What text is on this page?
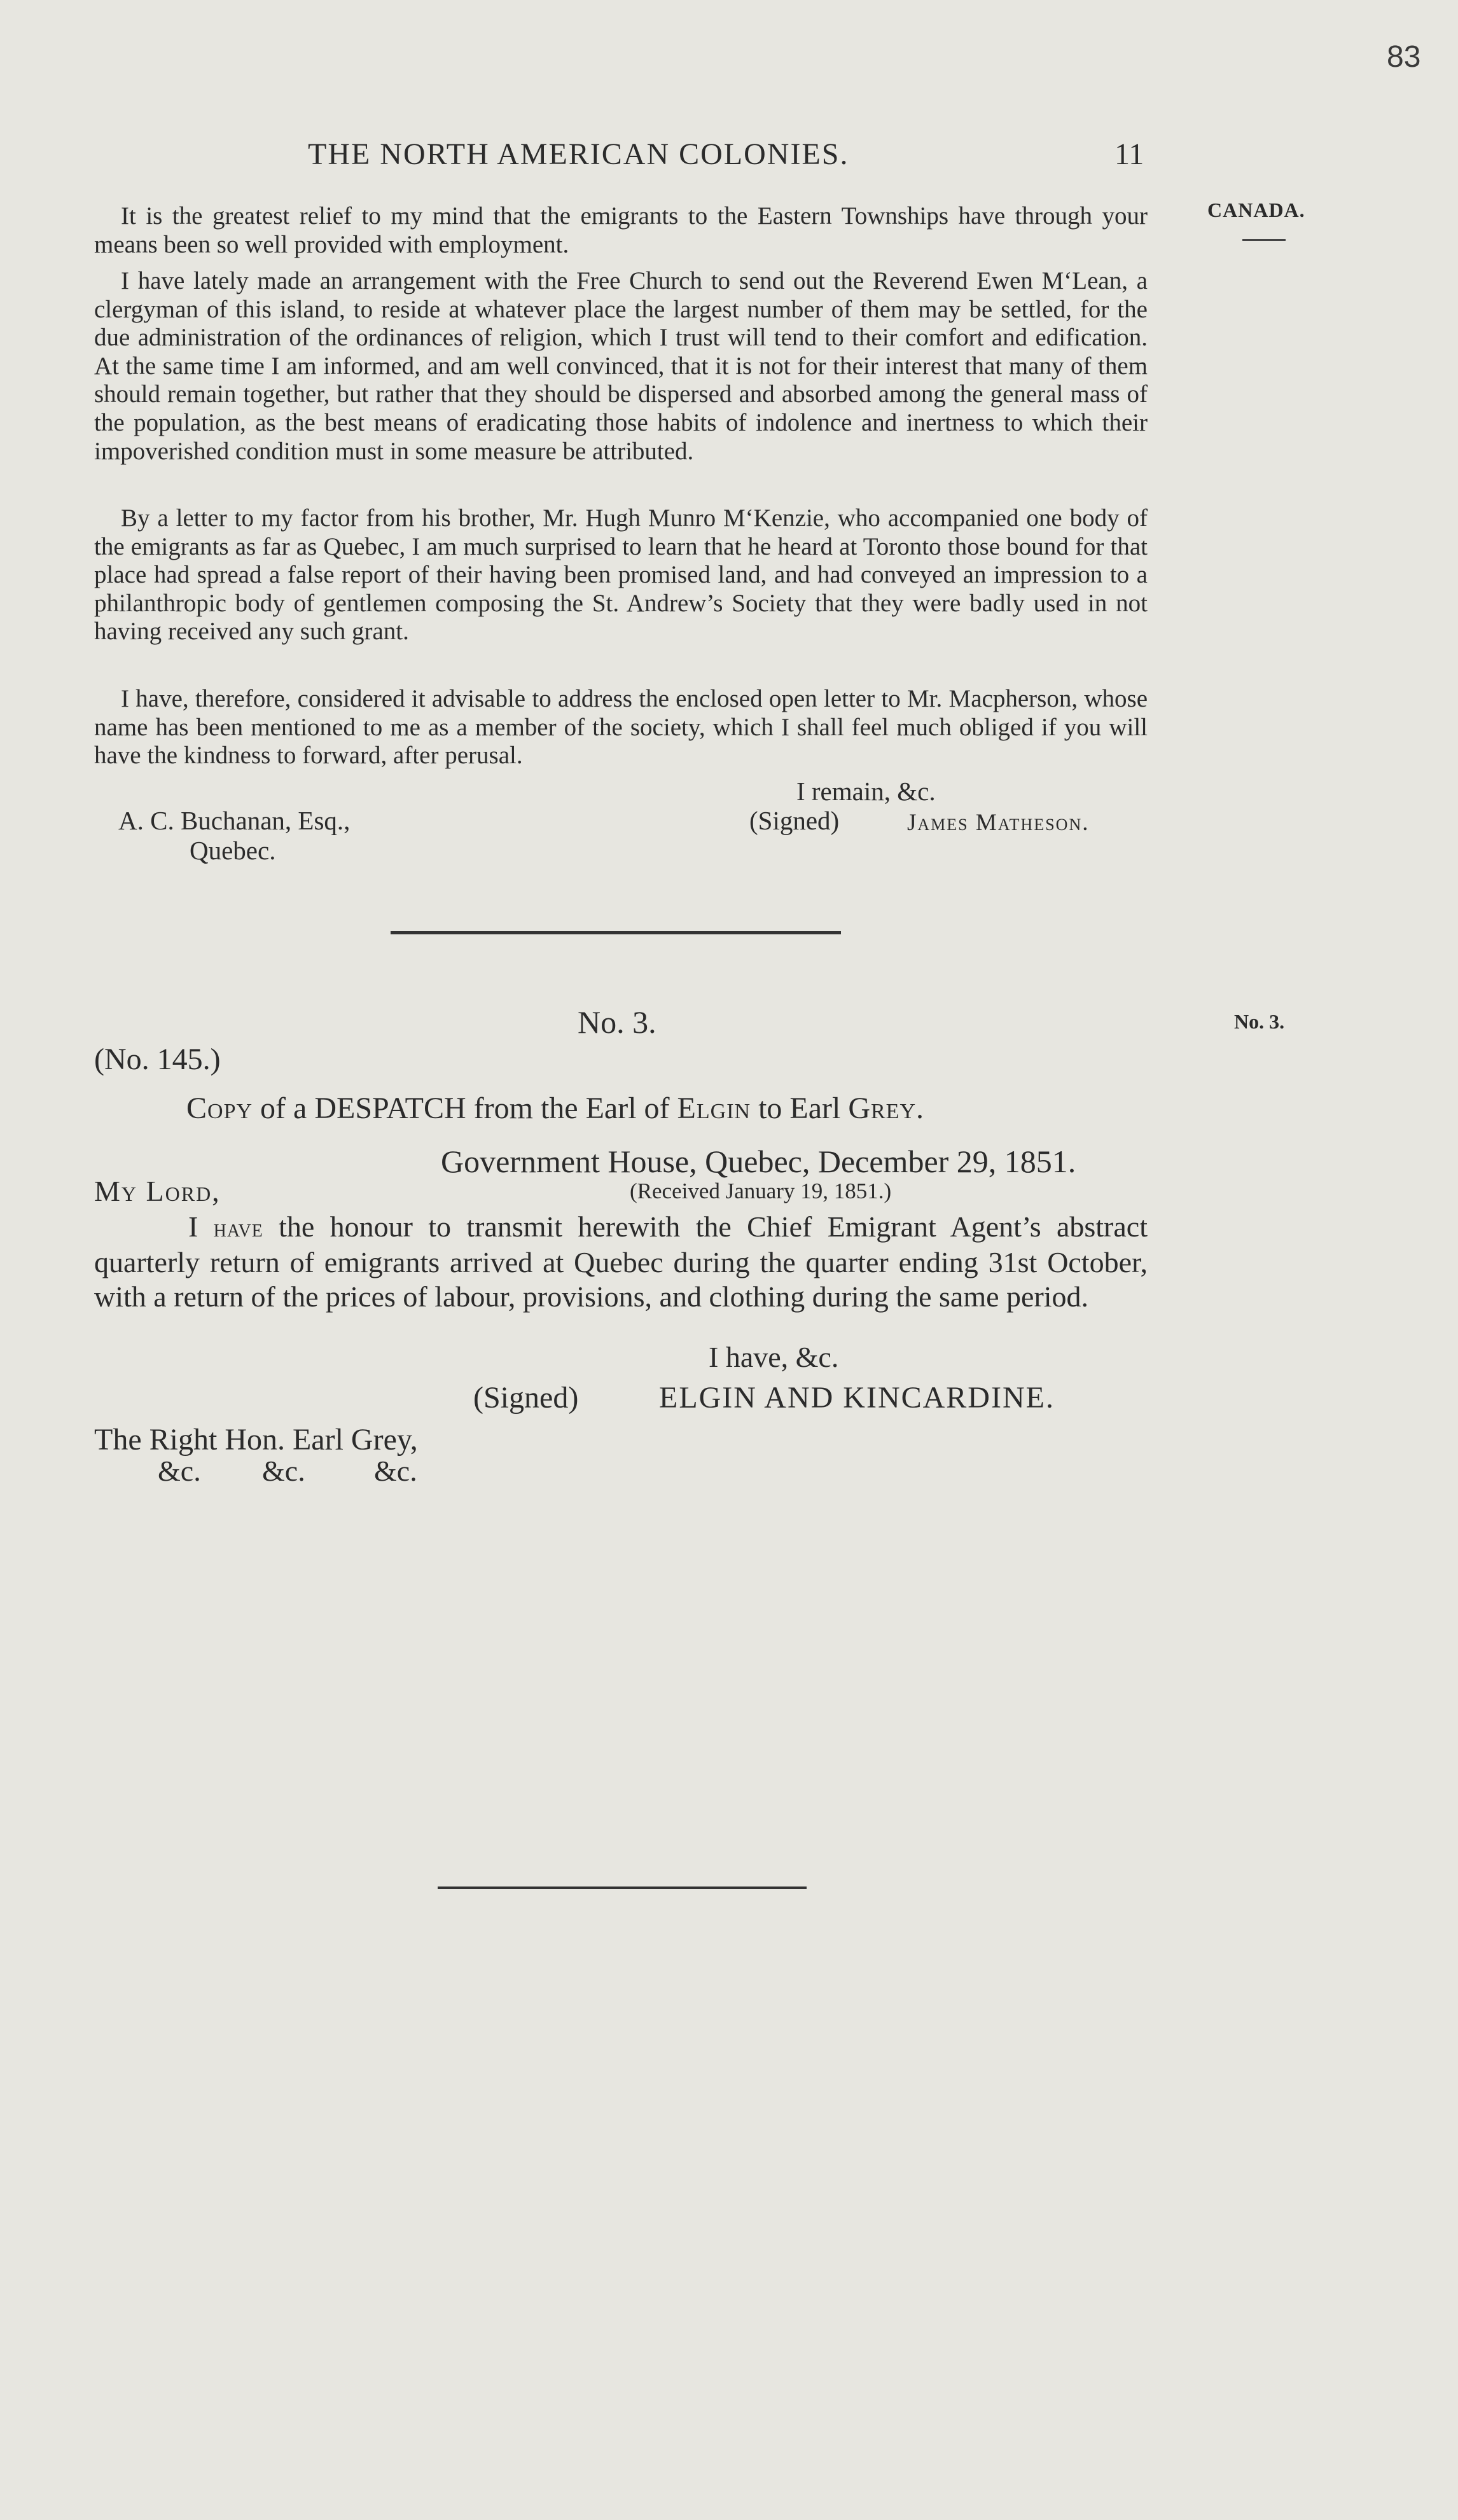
83
THE NORTH AMERICAN COLONIES.	11
CANADA.
No. 3.

It is the greatest relief to my mind that the emigrants to the Eastern Townships have through your means been so well provided with employment.

I have lately made an arrangement with the Free Church to send out the Reverend Ewen M‘Lean, a clergyman of this island, to reside at whatever place the largest number of them may be settled, for the due administration of the ordinances of religion, which I trust will tend to their comfort and edification. At the same time I am informed, and am well convinced, that it is not for their interest that many of them should remain together, but rather that they should be dispersed and absorbed among the general mass of the population, as the best means of eradicating those habits of indolence and inertness to which their impoverished condition must in some measure be attributed.

By a letter to my factor from his brother, Mr. Hugh Munro M‘Kenzie, who accompanied one body of the emigrants as far as Quebec, I am much surprised to learn that he heard at Toronto those bound for that place had spread a false report of their having been promised land, and had conveyed an impression to a philanthropic body of gentlemen composing the St. Andrew’s Society that they were badly used in not having received any such grant.

I have, therefore, considered it advisable to address the enclosed open letter to Mr. Macpherson, whose name has been mentioned to me as a member of the society, which I shall feel much obliged if you will have the kindness to forward, after perusal.

I remain, &c.
A. C. Buchanan, Esq.,
Quebec.
(Signed)	James Matheson.
No. 3.
(No. 145.)
Copy of a DESPATCH from the Earl of Elgin to Earl Grey.
Government House, Quebec, December 29, 1851.
My Lord,	(Received January 19, 1851.)

I have the honour to transmit herewith the Chief Emigrant Agent’s abstract quarterly return of emigrants arrived at Quebec during the quarter ending 31st October, with a return of the prices of labour, provisions, and clothing during the same period.

I have, &c.
(Signed)	ELGIN AND KINCARDINE.
The Right Hon. Earl Grey,
&c. &c. &c.
